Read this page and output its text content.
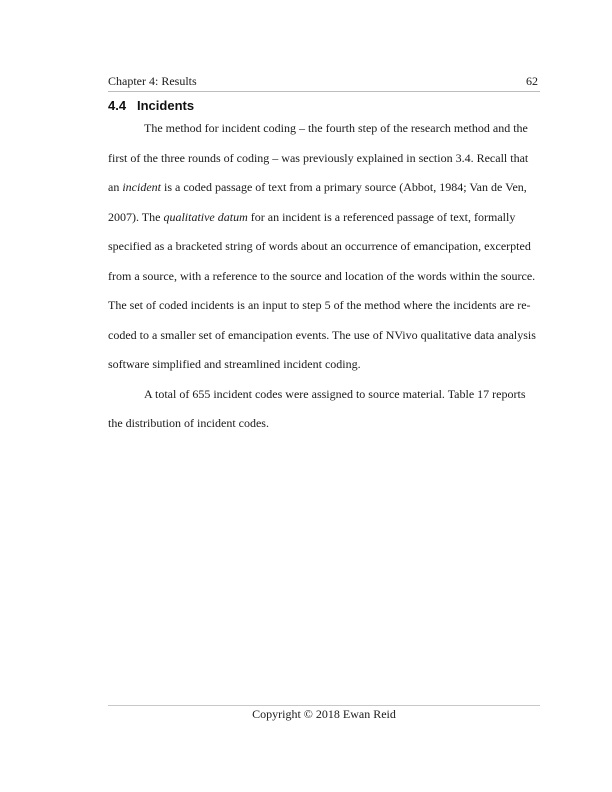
Chapter 4: Results	62
4.4 Incidents
The method for incident coding – the fourth step of the research method and the
first of the three rounds of coding – was previously explained in section 3.4. Recall that
an incident is a coded passage of text from a primary source (Abbot, 1984; Van de Ven,
2007). The qualitative datum for an incident is a referenced passage of text, formally
specified as a bracketed string of words about an occurrence of emancipation, excerpted
from a source, with a reference to the source and location of the words within the source.
The set of coded incidents is an input to step 5 of the method where the incidents are re-
coded to a smaller set of emancipation events. The use of NVivo qualitative data analysis
software simplified and streamlined incident coding.
A total of 655 incident codes were assigned to source material. Table 17 reports
the distribution of incident codes.
Copyright © 2018 Ewan Reid
